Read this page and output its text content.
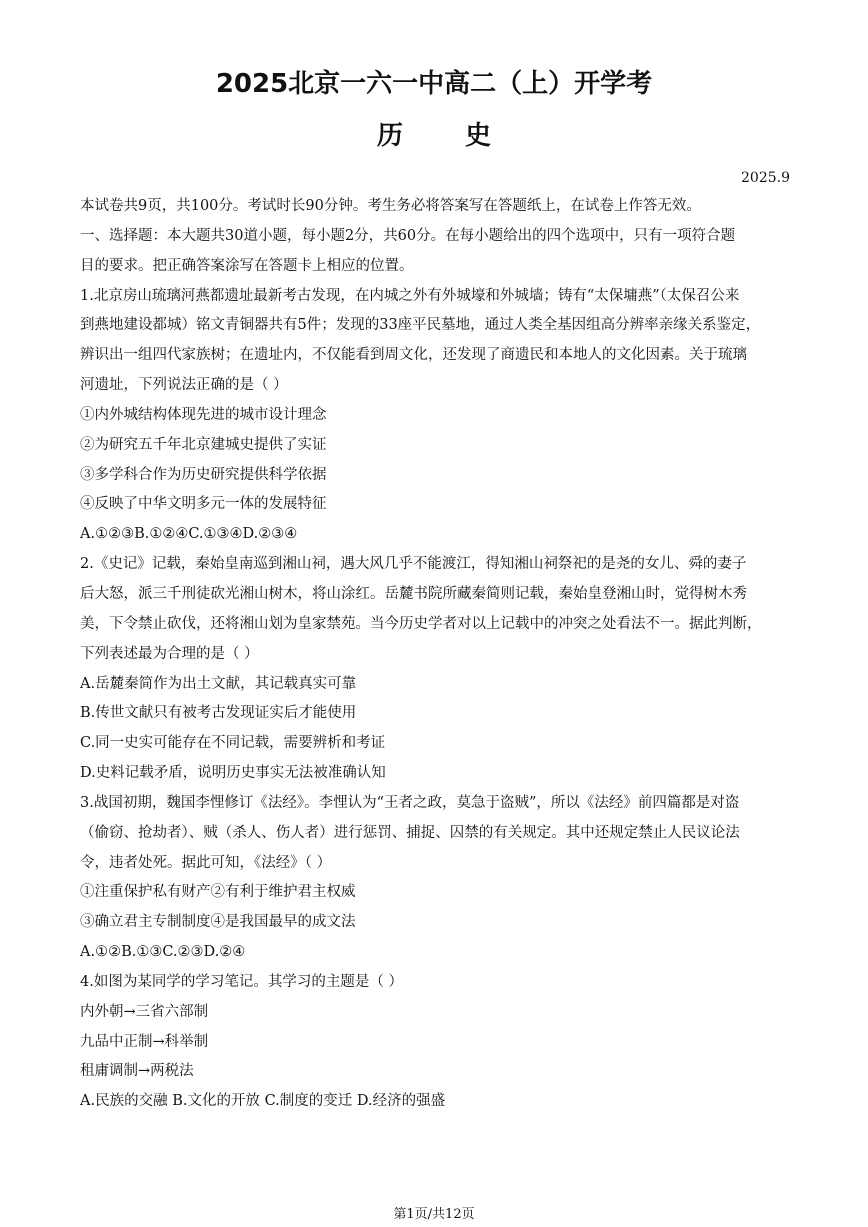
2025北京一六一中高二（上）开学考
历史

2025.9

本试卷共9页，共100分。考试时长90分钟。考生务必将答案写在答题纸上，在试卷上作答无效。

一、选择题：本大题共30道小题，每小题2分，共60分。在每小题给出的四个选项中，只有一项符合题

目的要求。把正确答案涂写在答题卡上相应的位置。

1.北京房山琉璃河燕都遗址最新考古发现，在内城之外有外城壕和外城墙；铸有“太保墉燕”（太保召公来

到燕地建设都城）铭文青铜器共有5件；发现的33座平民墓地，通过人类全基因组高分辨率亲缘关系鉴定，

辨识出一组四代家族树；在遗址内，不仅能看到周文化，还发现了商遗民和本地人的文化因素。关于琉璃

河遗址，下列说法正确的是（ ）

①内外城结构体现先进的城市设计理念

②为研究五千年北京建城史提供了实证

③多学科合作为历史研究提供科学依据

④反映了中华文明多元一体的发展特征

A.①②③B.①②④C.①③④D.②③④

2.《史记》记载，秦始皇南巡到湘山祠，遇大风几乎不能渡江，得知湘山祠祭祀的是尧的女儿、舜的妻子

后大怒，派三千刑徒砍光湘山树木，将山涂红。岳麓书院所藏秦简则记载，秦始皇登湘山时，觉得树木秀

美，下令禁止砍伐，还将湘山划为皇家禁苑。当今历史学者对以上记载中的冲突之处看法不一。据此判断，

下列表述最为合理的是（ ）

A.岳麓秦简作为出土文献，其记载真实可靠

B.传世文献只有被考古发现证实后才能使用

C.同一史实可能存在不同记载，需要辨析和考证

D.史料记载矛盾，说明历史事实无法被准确认知

3.战国初期，魏国李悝修订《法经》。李悝认为“王者之政，莫急于盗贼”，所以《法经》前四篇都是对盗

（偷窃、抢劫者）、贼（杀人、伤人者）进行惩罚、捕捉、囚禁的有关规定。其中还规定禁止人民议论法

令，违者处死。据此可知，《法经》（ ）

①注重保护私有财产②有利于维护君主权威

③确立君主专制制度④是我国最早的成文法

A.①②B.①③C.②③D.②④

4.如图为某同学的学习笔记。其学习的主题是（ ）

内外朝→三省六部制

九品中正制→科举制

租庸调制→两税法

A.民族的交融 B.文化的开放 C.制度的变迁 D.经济的强盛

第1页/共12页
